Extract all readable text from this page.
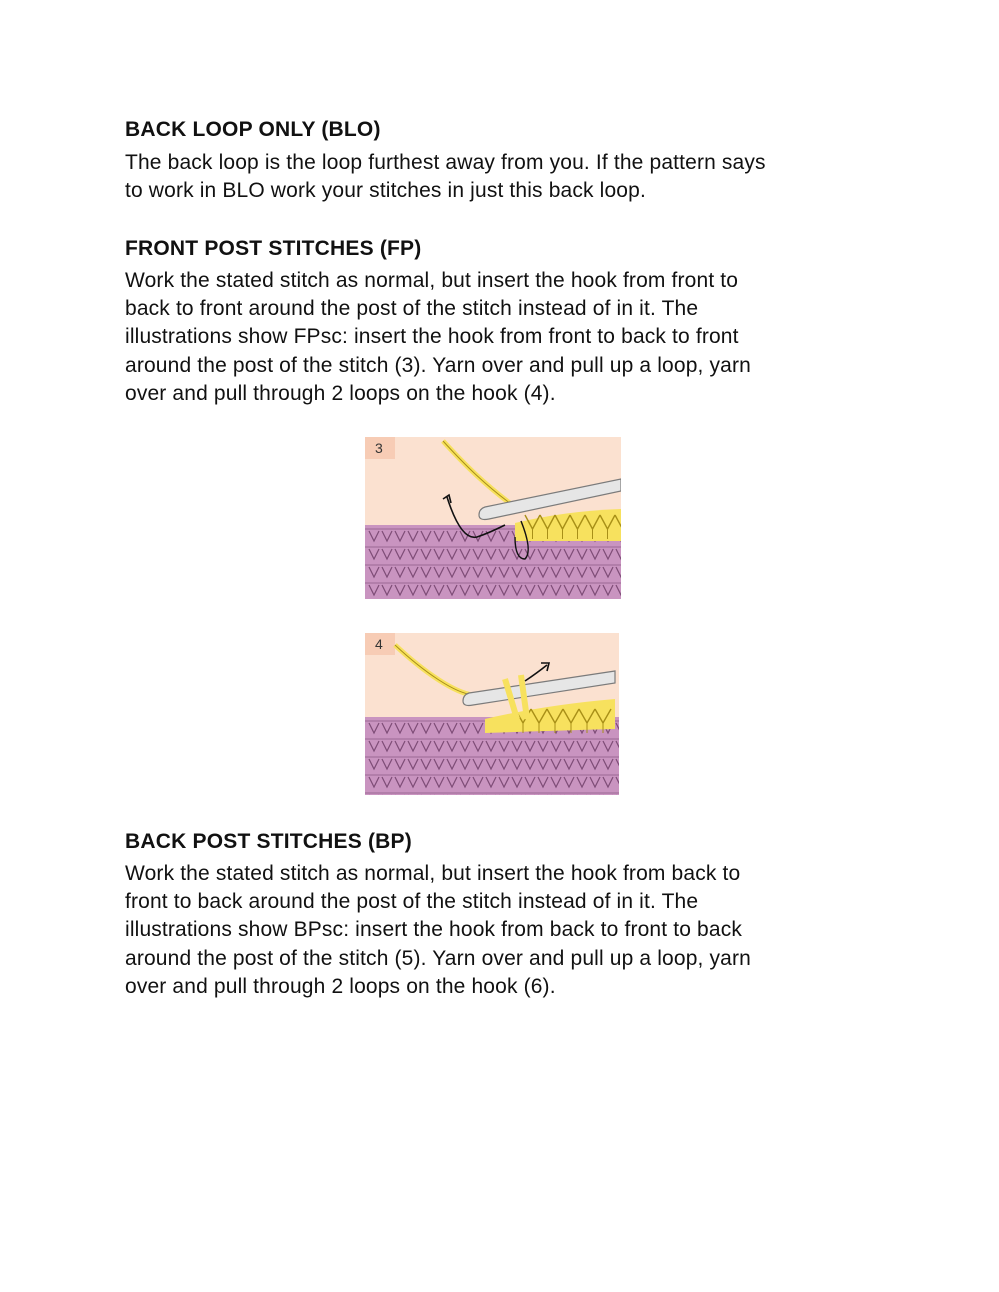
BACK LOOP ONLY (BLO)

The back loop is the loop furthest away from you. If the pattern says
to work in BLO work your stitches in just this back loop.

FRONT POST STITCHES (FP)

Work the stated stitch as normal, but insert the hook from front to
back to front around the post of the stitch instead of in it. The
illustrations show FPsc: insert the hook from front to back to front
around the post of the stitch (3). Yarn over and pull up a loop, yarn
over and pull through 2 loops on the hook (4).

3
4
BACK POST STITCHES (BP)

Work the stated stitch as normal, but insert the hook from back to
front to back around the post of the stitch instead of in it. The
illustrations show BPsc: insert the hook from back to front to back
around the post of the stitch (5). Yarn over and pull up a loop, yarn
over and pull through 2 loops on the hook (6).
